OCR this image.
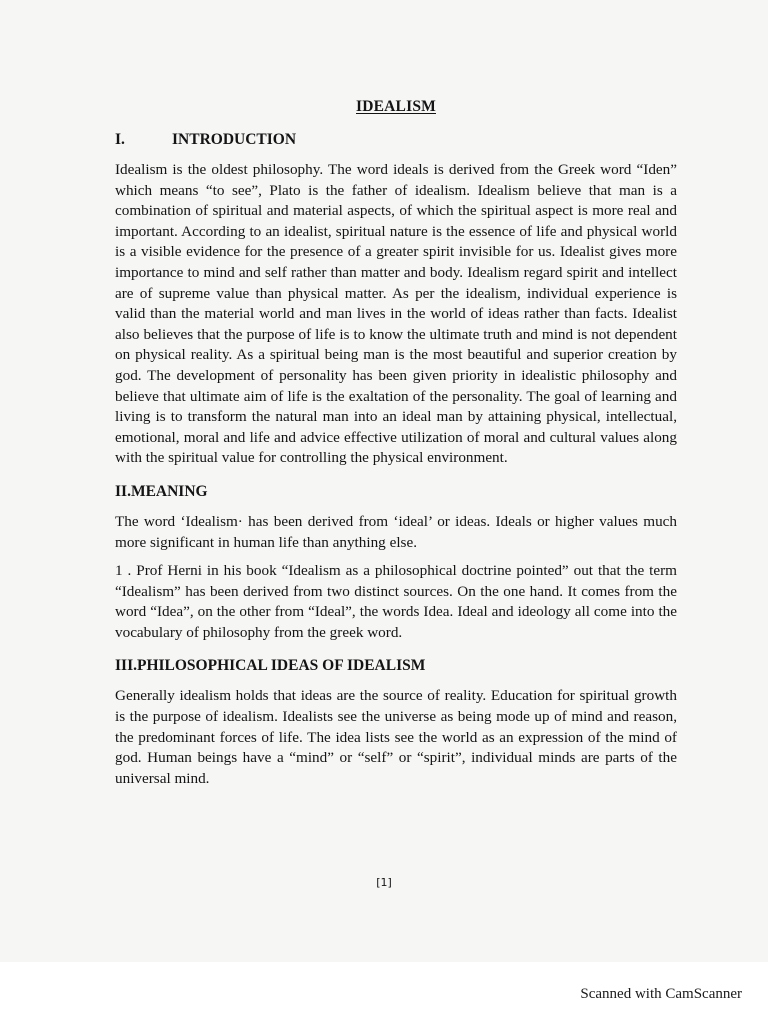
IDEALISM
I.	INTRODUCTION

Idealism is the oldest philosophy. The word ideals is derived from the Greek word “Iden” which means “to see”, Plato is the father of idealism. Idealism believe that man is a combination of spiritual and material aspects, of which the spiritual aspect is more real and important. According to an idealist, spiritual nature is the essence of life and physical world is a visible evidence for the presence of a greater spirit invisible for us. Idealist gives more importance to mind and self rather than matter and body. Idealism regard spirit and intellect are of supreme value than physical matter. As per the idealism, individual experience is valid than the material world and man lives in the world of ideas rather than facts. Idealist also believes that the purpose of life is to know the ultimate truth and mind is not dependent on physical reality. As a spiritual being man is the most beautiful and superior creation by god. The development of personality has been given priority in idealistic philosophy and believe that ultimate aim of life is the exaltation of the personality. The goal of learning and living is to transform the natural man into an ideal man by attaining physical, intellectual, emotional, moral and life and advice effective utilization of moral and cultural values along with the spiritual value for controlling the physical environment.

II.MEANING

The word ‘Idealism· has been derived from ‘ideal’ or ideas. Ideals or higher values much more significant in human life than anything else.

1 . Prof Herni in his book “Idealism as a philosophical doctrine pointed” out that the term “Idealism” has been derived from two distinct sources. On the one hand. It comes from the word “Idea”, on the other from “Ideal”, the words Idea. Ideal and ideology all come into the vocabulary of philosophy from the greek word.

III.PHILOSOPHICAL IDEAS OF IDEALISM

Generally idealism holds that ideas are the source of reality. Education for spiritual growth is the purpose of idealism. Idealists see the universe as being mode up of mind and reason, the predominant forces of life. The idea lists see the world as an expression of the mind of god. Human beings have a “mind” or “self” or “spirit”, individual minds are parts of the universal mind.

[1]
Scanned with CamScanner
